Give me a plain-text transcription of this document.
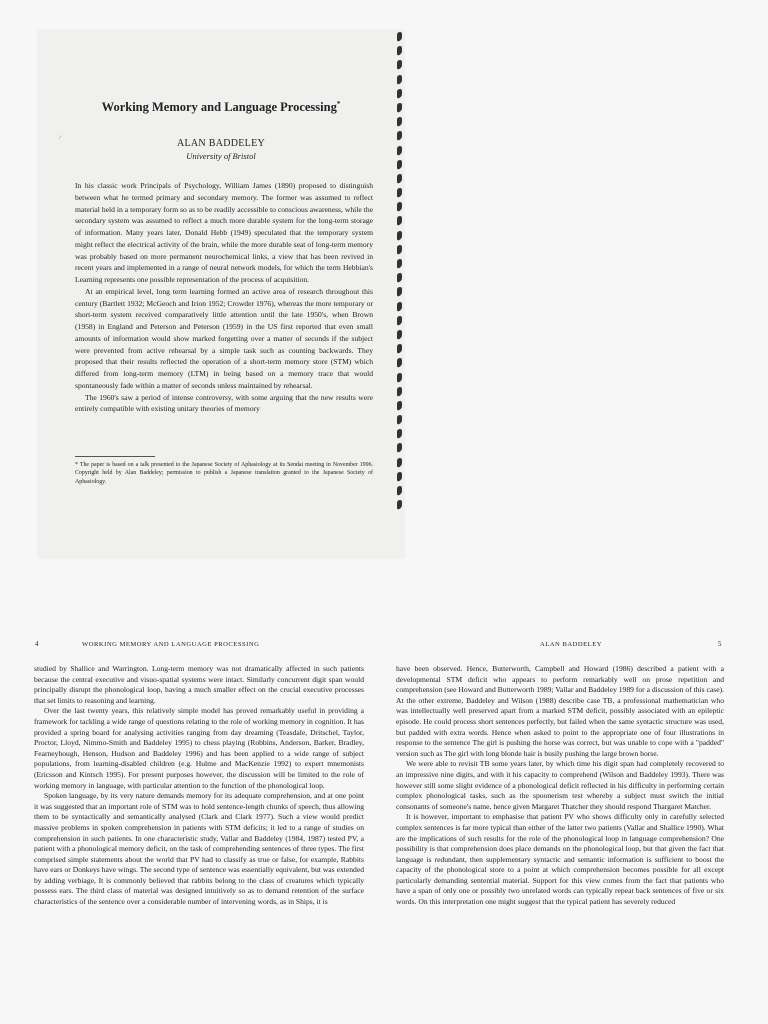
⸝
Working Memory and Language Processing*
ALAN BADDELEY
University of Bristol

In his classic work Principals of Psychology, William James (1890) proposed to distinguish between what he termed primary and secondary memory. The former was assumed to reflect material held in a temporary form so as to be readily accessible to conscious awareness, while the secondary system was assumed to reflect a much more durable system for the long-term storage of information. Many years later, Donald Hebb (1949) speculated that the temporary system might reflect the electrical activity of the brain, while the more durable seat of long-term memory was probably based on more permanent neurochemical links, a view that has been revived in recent years and implemented in a range of neural network models, for which the term Hebbian's Learning represents one possible representation of the process of acquisition.

At an empirical level, long term learning formed an active area of research throughout this century (Bartlett 1932; McGeoch and Irion 1952; Crowder 1976), whereas the more temporary or short-term system received comparatively little attention until the late 1950's, when Brown (1958) in England and Peterson and Peterson (1959) in the US first reported that even small amounts of information would show marked forgetting over a matter of seconds if the subject were prevented from active rehearsal by a simple task such as counting backwards. They proposed that their results reflected the operation of a short-term memory store (STM) which differed from long-term memory (LTM) in being based on a memory trace that would spontaneously fade within a matter of seconds unless maintained by rehearsal.

The 1960's saw a period of intense controversy, with some arguing that the new results were entirely compatible with existing unitary theories of memory

* The paper is based on a talk presented to the Japanese Society of Aphasiology at its Sendai meeting in November 1996. Copyright held by Alan Baddeley; permission to publish a Japanese translation granted to the Japanese Society of Aphasiology.
4	WORKING MEMORY AND LANGUAGE PROCESSING	ALAN BADDELEY	5

studied by Shallice and Warrington. Long-term memory was not dramatically affected in such patients because the central executive and visuo-spatial systems were intact. Similarly concurrent digit span would principally disrupt the phonological loop, having a much smaller effect on the crucial executive processes that set limits to reasoning and learning.

Over the last twenty years, this relatively simple model has proved remarkably useful in providing a framework for tackling a wide range of questions relating to the role of working memory in cognition. It has provided a spring board for analysing activities ranging from day dreaming (Teasdale, Dritschel, Taylor, Proctor, Lloyd, Nimmo-Smith and Baddeley 1995) to chess playing (Robbins, Anderson, Barker, Bradley, Fearneyhough, Henson, Hudson and Baddeley 1996) and has been applied to a wide range of subject populations, from learning-disabled children (e.g. Hulme and MacKenzie 1992) to expert mnemonists (Ericsson and Kintsch 1995). For present purposes however, the discussion will be limited to the role of working memory in language, with particular attention to the function of the phonological loop.

Spoken language, by its very nature demands memory for its adequate comprehension, and at one point it was suggested that an important role of STM was to hold sentence-length chunks of speech, thus allowing them to be syntactically and semantically analysed (Clark and Clark 1977). Such a view would predict massive problems in spoken comprehension in patients with STM deficits; it led to a range of studies on comprehension in such patients. In one characteristic study, Vallar and Baddeley (1984, 1987) tested PV, a patient with a phonological memory deficit, on the task of comprehending sentences of three types. The first comprised simple statements about the world that PV had to classify as true or false, for example, Rabbits have ears or Donkeys have wings. The second type of sentence was essentially equivalent, but was extended by adding verbiage, It is commonly believed that rabbits belong to the class of creatures which typically possess ears. The third class of material was designed intuitively so as to demand retention of the surface characteristics of the sentence over a considerable number of intervening words, as in Ships, it is

have been observed. Hence, Butterworth, Campbell and Howard (1986) described a patient with a developmental STM deficit who appears to perform remarkably well on prose repetition and comprehension (see Howard and Butterworth 1989; Vallar and Baddeley 1989 for a discussion of this case). At the other extreme, Baddeley and Wilson (1988) describe case TB, a professional mathematician who was intellectually well preserved apart from a marked STM deficit, possibly associated with an epileptic episode. He could process short sentences perfectly, but failed when the same syntactic structure was used, but padded with extra words. Hence when asked to point to the appropriate one of four illustrations in response to the sentence The girl is pushing the horse was correct, but was unable to cope with a "padded" version such as The girl with long blonde hair is busily pushing the large brown horse.

We were able to revisit TB some years later, by which time his digit span had completely recovered to an impressive nine digits, and with it his capacity to comprehend (Wilson and Baddeley 1993). There was however still some slight evidence of a phonological deficit reflected in his difficulty in performing certain complex phonological tasks, such as the spoonerism test whereby a subject must switch the initial consonants of someone's name, hence given Margaret Thatcher they should respond Thargaret Matcher.

It is however, important to emphasise that patient PV who shows difficulty only in carefully selected complex sentences is far more typical than either of the latter two patients (Vallar and Shallice 1990). What are the implications of such results for the role of the phonological loop in language comprehension? One possibility is that comprehension does place demands on the phonological loop, but that given the fact that language is redundant, then supplementary syntactic and semantic information is sufficient to boost the capacity of the phonological store to a point at which comprehension becomes possible for all except particularly demanding sentential material. Support for this view comes from the fact that patients who have a span of only one or possibly two unrelated words can typically repeat back sentences of five or six words. On this interpretation one might suggest that the typical patient has severely reduced
